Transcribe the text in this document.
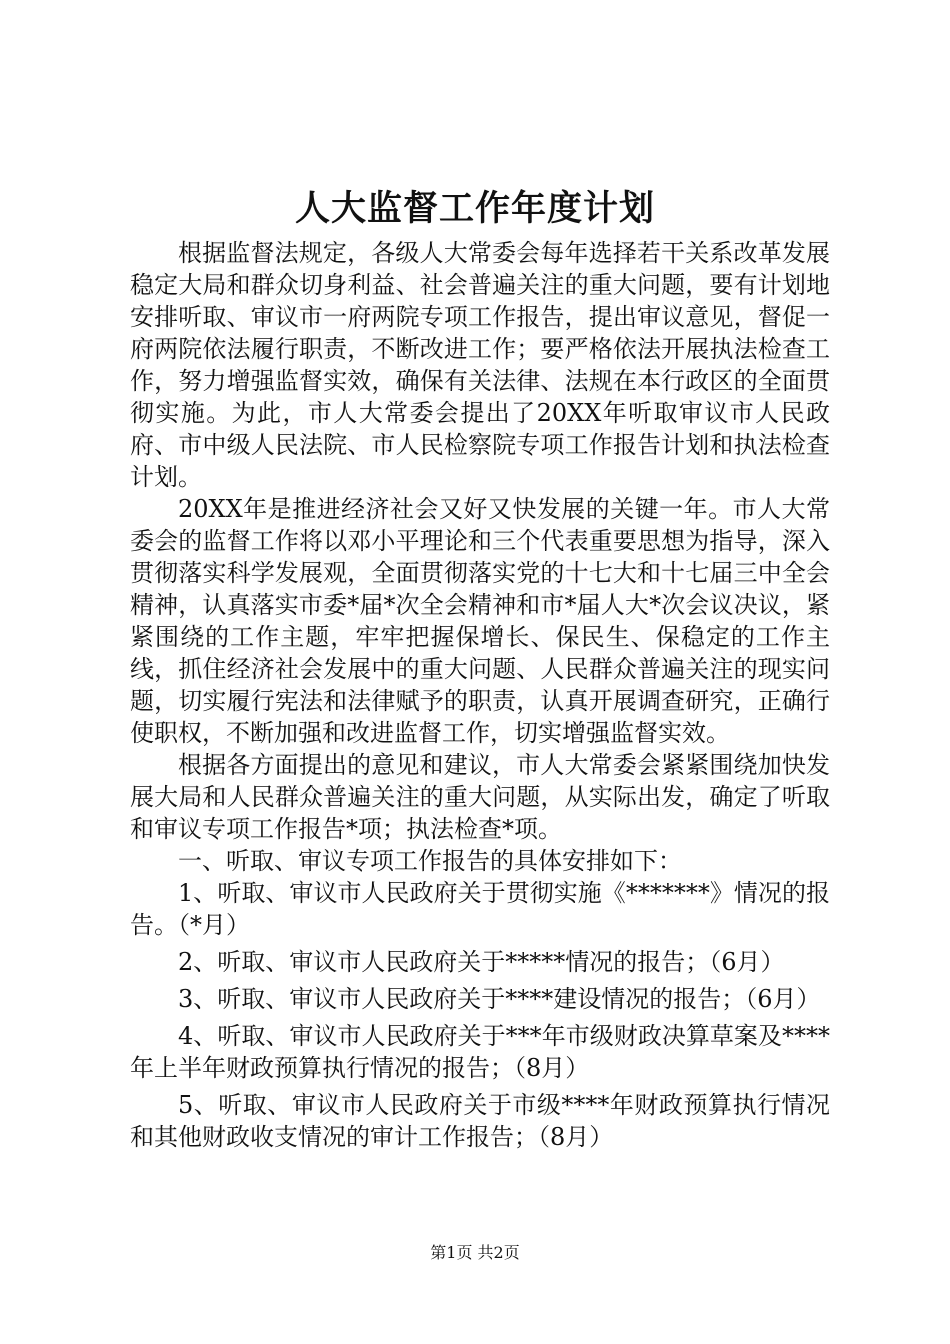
人大监督工作年度计划

根据监督法规定，各级人大常委会每年选择若干关系改革发展稳定大局和群众切身利益、社会普遍关注的重大问题，要有计划地安排听取、审议市一府两院专项工作报告，提出审议意见，督促一府两院依法履行职责，不断改进工作；要严格依法开展执法检查工作，努力增强监督实效，确保有关法律、法规在本行政区的全面贯彻实施。为此，市人大常委会提出了20XX年听取审议市人民政府、市中级人民法院、市人民检察院专项工作报告计划和执法检查计划。

20XX年是推进经济社会又好又快发展的关键一年。市人大常委会的监督工作将以邓小平理论和三个代表重要思想为指导，深入贯彻落实科学发展观，全面贯彻落实党的十七大和十七届三中全会精神，认真落实市委*届*次全会精神和市*届人大*次会议决议，紧紧围绕的工作主题，牢牢把握保增长、保民生、保稳定的工作主线，抓住经济社会发展中的重大问题、人民群众普遍关注的现实问题，切实履行宪法和法律赋予的职责，认真开展调查研究，正确行使职权，不断加强和改进监督工作，切实增强监督实效。

根据各方面提出的意见和建议，市人大常委会紧紧围绕加快发展大局和人民群众普遍关注的重大问题，从实际出发，确定了听取和审议专项工作报告*项；执法检查*项。

一、听取、审议专项工作报告的具体安排如下：

1、听取、审议市人民政府关于贯彻实施《*******》情况的报告。（*月）

2、听取、审议市人民政府关于*****情况的报告；（6月）

3、听取、审议市人民政府关于****建设情况的报告；（6月）

4、听取、审议市人民政府关于***年市级财政决算草案及****年上半年财政预算执行情况的报告；（8月）

5、听取、审议市人民政府关于市级****年财政预算执行情况和其他财政收支情况的审计工作报告；（8月）

第1页 共2页
